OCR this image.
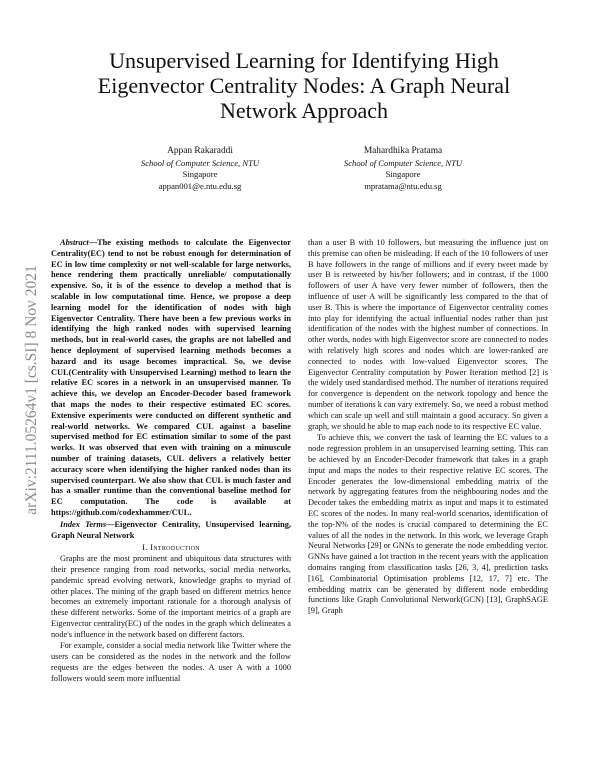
arXiv:2111.05264v1 [cs.SI] 8 Nov 2021
Unsupervised Learning for Identifying High Eigenvector Centrality Nodes: A Graph Neural Network Approach
Appan Rakaraddi
School of Computer Science, NTU
Singapore
appan001@e.ntu.edu.sg
Mahardhika Pratama
School of Computer Science, NTU
Singapore
mpratama@ntu.edu.sg

Abstract—The existing methods to calculate the Eigenvector Centrality(EC) tend to not be robust enough for determination of EC in low time complexity or not well-scalable for large networks, hence rendering them practically unreliable/ computationally expensive. So, it is of the essence to develop a method that is scalable in low computational time. Hence, we propose a deep learning model for the identification of nodes with high Eigenvector Centrality. There have been a few previous works in identifying the high ranked nodes with supervised learning methods, but in real-world cases, the graphs are not labelled and hence deployment of supervised learning methods becomes a hazard and its usage becomes impractical. So, we devise CUL(Centrality with Unsupervised Learning) method to learn the relative EC scores in a network in an unsupervised manner. To achieve this, we develop an Encoder-Decoder based framework that maps the nodes to their respective estimated EC scores. Extensive experiments were conducted on different synthetic and real-world networks. We compared CUL against a baseline supervised method for EC estimation similar to some of the past works. It was observed that even with training on a minuscule number of training datasets, CUL delivers a relatively better accuracy score when identifying the higher ranked nodes than its supervised counterpart. We also show that CUL is much faster and has a smaller runtime than the conventional baseline method for EC computation. The code is available at https://github.com/codexhammer/CUL.

Index Terms—Eigenvector Centrality, Unsupervised learning, Graph Neural Network

I. Introduction

Graphs are the most prominent and ubiquitous data structures with their presence ranging from road networks, social media networks, pandemic spread evolving network, knowledge graphs to myriad of other places. The mining of the graph based on different metrics hence becomes an extremely important rationale for a thorough analysis of these different networks. Some of the important metrics of a graph are Eigenvector centrality(EC) of the nodes in the graph which delineates a node's influence in the network based on different factors.

For example, consider a social media network like Twitter where the users can be considered as the nodes in the network and the follow requests are the edges between the nodes. A user A with a 1000 followers would seem more influential

than a user B with 10 followers, but measuring the influence just on this premise can often be misleading. If each of the 10 followers of user B have followers in the range of millions and if every tweet made by user B is retweeted by his/her followers; and in contrast, if the 1000 followers of user A have very fewer number of followers, then the influence of user A will be significantly less compared to the that of user B. This is where the importance of Eigenvector centrality comes into play for identifying the actual influential nodes rather than just identification of the nodes with the highest number of connections. In other words, nodes with high Eigenvector score are connected to nodes with relatively high scores and nodes which are lower-ranked are connected to nodes with low-valued Eigenvector scores. The Eigenvector Centrality computation by Power Iteration method [2] is the widely used standardised method. The number of iterations required for convergence is dependent on the network topology and hence the number of iterations k can vary extremely. So, we need a robust method which can scale up well and still maintain a good accuracy. So given a graph, we should be able to map each node to its respective EC value.

To achieve this, we convert the task of learning the EC values to a node regression problem in an unsupervised learning setting. This can be achieved by an Encoder-Decoder framework that takes in a graph input and maps the nodes to their respective relative EC scores. The Encoder generates the low-dimensional embedding matrix of the network by aggregating features from the neighbouring nodes and the Decoder takes the embedding matrix as input and maps it to estimated EC scores of the nodes. In many real-world scenarios, identification of the top-N% of the nodes is crucial compared to determining the EC values of all the nodes in the network. In this work, we leverage Graph Neural Networks [29] or GNNs to generate the node embedding vector. GNNs have gained a lot traction in the recent years with the application domains ranging from classification tasks [26, 3, 4], prediction tasks [16], Combinatorial Optimisation problems [12, 17, 7] etc. The embedding matrix can be generated by different node embedding functions like Graph Convolutional Network(GCN) [13], GraphSAGE [9], Graph
